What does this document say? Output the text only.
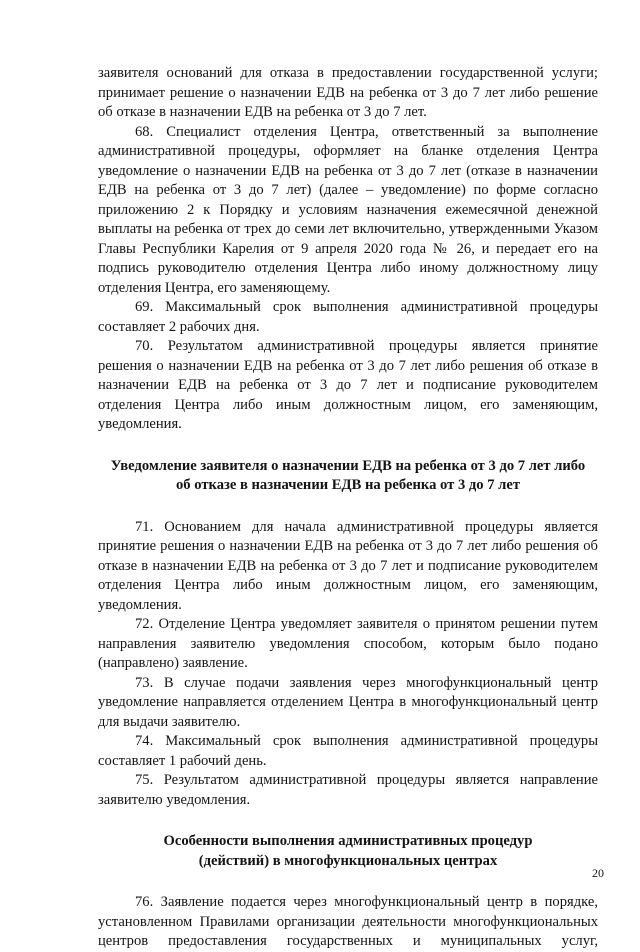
заявителя оснований для отказа в предоставлении государственной услуги; принимает решение о назначении ЕДВ на ребенка от 3 до 7 лет либо решение об отказе в назначении ЕДВ на ребенка от 3 до 7 лет.

68. Специалист отделения Центра, ответственный за выполнение административной процедуры, оформляет на бланке отделения Центра уведомление о назначении ЕДВ на ребенка от 3 до 7 лет (отказе в назначении ЕДВ на ребенка от 3 до 7 лет) (далее – уведомление) по форме согласно приложению 2 к Порядку и условиям назначения ежемесячной денежной выплаты на ребенка от трех до семи лет включительно, утвержденными Указом Главы Республики Карелия от 9 апреля 2020 года № 26, и передает его на подпись руководителю отделения Центра либо иному должностному лицу отделения Центра, его заменяющему.

69. Максимальный срок выполнения административной процедуры составляет 2 рабочих дня.

70. Результатом административной процедуры является принятие решения о назначении ЕДВ на ребенка от 3 до 7 лет либо решения об отказе в назначении ЕДВ на ребенка от 3 до 7 лет и подписание руководителем отделения Центра либо иным должностным лицом, его заменяющим, уведомления.

Уведомление заявителя о назначении ЕДВ на ребенка от 3 до 7 лет либо
об отказе в назначении ЕДВ на ребенка от 3 до 7 лет

71. Основанием для начала административной процедуры является принятие решения о назначении ЕДВ на ребенка от 3 до 7 лет либо решения об отказе в назначении ЕДВ на ребенка от 3 до 7 лет и подписание руководителем отделения Центра либо иным должностным лицом, его заменяющим, уведомления.

72. Отделение Центра уведомляет заявителя о принятом решении путем направления заявителю уведомления способом, которым было подано (направлено) заявление.

73. В случае подачи заявления через многофункциональный центр уведомление направляется отделением Центра в многофункциональный центр для выдачи заявителю.

74. Максимальный срок выполнения административной процедуры составляет 1 рабочий день.

75. Результатом административной процедуры является направление заявителю уведомления.

Особенности выполнения административных процедур
(действий) в многофункциональных центрах

76. Заявление подается через многофункциональный центр в порядке, установленном Правилами организации деятельности многофункциональных центров предоставления государственных и муниципальных услуг,

20
